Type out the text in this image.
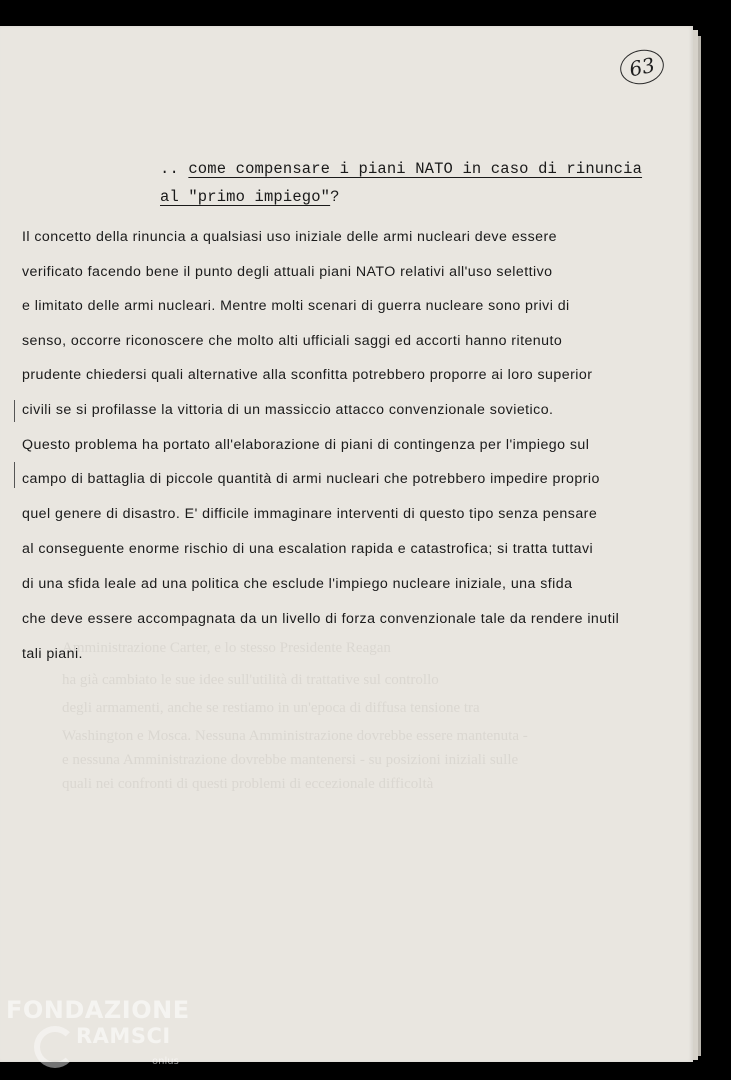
Amministrazione Carter, e lo stesso Presidente Reagan
ha già cambiato le sue idee sull'utilità di trattative sul controllo
degli armamenti, anche se restiamo in un'epoca di diffusa tensione tra
Washington e Mosca. Nessuna Amministrazione dovrebbe essere mantenuta -
e nessuna Amministrazione dovrebbe mantenersi - su posizioni iniziali sulle
quali nei confronti di questi problemi di eccezionale difficoltà
63
.. come compensare i piani NATO in caso di rinuncia
al "primo impiego"?
Il concetto della rinuncia a qualsiasi uso iniziale delle armi nucleari deve essere
verificato facendo bene il punto degli attuali piani NATO relativi all'uso selettivo
e limitato delle armi nucleari. Mentre molti scenari di guerra nucleare sono privi di
senso, occorre riconoscere che molto alti ufficiali saggi ed accorti hanno ritenuto
prudente chiedersi quali alternative alla sconfitta potrebbero proporre ai loro superior
civili se si profilasse la vittoria di un massiccio attacco convenzionale sovietico.
Questo problema ha portato all'elaborazione di piani di contingenza per l'impiego sul
campo di battaglia di piccole quantità di armi nucleari che potrebbero impedire proprio
quel genere di disastro. E' difficile immaginare interventi di questo tipo senza pensare
al conseguente enorme rischio di una escalation rapida e catastrofica; si tratta tuttavi
di una sfida leale ad una politica che esclude l'impiego nucleare iniziale, una sfida
che deve essere accompagnata da un livello di forza convenzionale tale da rendere inutil
tali piani.
FONDAZIONE
RAMSCI
onlus
